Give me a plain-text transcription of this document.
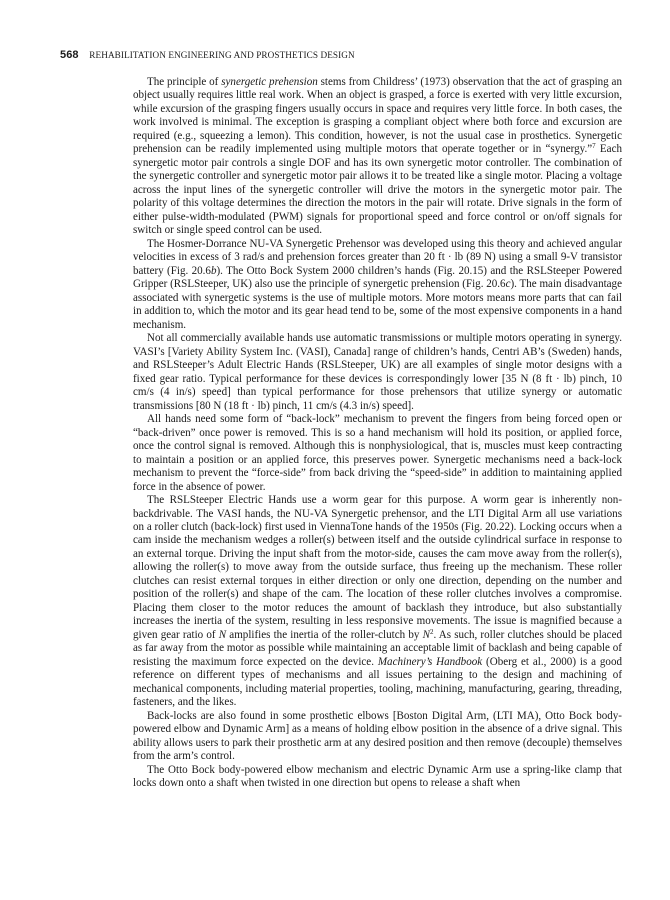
568 REHABILITATION ENGINEERING AND PROSTHETICS DESIGN

The principle of synergetic prehension stems from Childress’ (1973) observation that the act of grasping an object usually requires little real work. When an object is grasped, a force is exerted with very little excursion, while excursion of the grasping fingers usually occurs in space and requires very little force. In both cases, the work involved is minimal. The exception is grasping a compliant object where both force and excursion are required (e.g., squeezing a lemon). This condition, however, is not the usual case in prosthetics. Synergetic prehension can be readily implemented using multiple motors that operate together or in “synergy.”$^7$ Each synergetic motor pair controls a single DOF and has its own synergetic motor controller. The combination of the synergetic controller and synergetic motor pair allows it to be treated like a single motor. Placing a voltage across the input lines of the synergetic controller will drive the motors in the synergetic motor pair. The polarity of this voltage determines the direction the motors in the pair will rotate. Drive signals in the form of either pulse-width-modulated (PWM) signals for proportional speed and force control or on/off signals for switch or single speed control can be used.

The Hosmer-Dorrance NU-VA Synergetic Prehensor was developed using this theory and achieved angular velocities in excess of 3 rad/s and prehension forces greater than 20 ft · lb (89 N) using a small 9-V transistor battery (Fig. 20.6b). The Otto Bock System 2000 children’s hands (Fig. 20.15) and the RSLSteeper Powered Gripper (RSLSteeper, UK) also use the principle of synergetic prehension (Fig. 20.6c). The main disadvantage associated with synergetic systems is the use of multiple motors. More motors means more parts that can fail in addition to, which the motor and its gear head tend to be, some of the most expensive components in a hand mechanism.

Not all commercially available hands use automatic transmissions or multiple motors operating in synergy. VASI’s [Variety Ability System Inc. (VASI), Canada] range of children’s hands, Centri AB’s (Sweden) hands, and RSLSteeper’s Adult Electric Hands (RSLSteeper, UK) are all examples of single motor designs with a fixed gear ratio. Typical performance for these devices is correspondingly lower [35 N (8 ft · lb) pinch, 10 cm/s (4 in/s) speed] than typical performance for those prehensors that utilize synergy or automatic transmissions [80 N (18 ft · lb) pinch, 11 cm/s (4.3 in/s) speed].

All hands need some form of “back-lock” mechanism to prevent the fingers from being forced open or “back-driven” once power is removed. This is so a hand mechanism will hold its position, or applied force, once the control signal is removed. Although this is nonphysiological, that is, muscles must keep contracting to maintain a position or an applied force, this preserves power. Synergetic mechanisms need a back-lock mechanism to prevent the “force-side” from back driving the “speed-side” in addition to maintaining applied force in the absence of power.

The RSLSteeper Electric Hands use a worm gear for this purpose. A worm gear is inherently nonbackdrivable. The VASI hands, the NU-VA Synergetic prehensor, and the LTI Digital Arm all use variations on a roller clutch (back-lock) first used in ViennaTone hands of the 1950s (Fig. 20.22). Locking occurs when a cam inside the mechanism wedges a roller(s) between itself and the outside cylindrical surface in response to an external torque. Driving the input shaft from the motor-side, causes the cam move away from the roller(s), allowing the roller(s) to move away from the outside surface, thus freeing up the mechanism. These roller clutches can resist external torques in either direction or only one direction, depending on the number and position of the roller(s) and shape of the cam. The location of these roller clutches involves a compromise. Placing them closer to the motor reduces the amount of backlash they introduce, but also substantially increases the inertia of the system, resulting in less responsive movements. The issue is magnified because a given gear ratio of N amplifies the inertia of the roller-clutch by $N^2$. As such, roller clutches should be placed as far away from the motor as possible while maintaining an acceptable limit of backlash and being capable of resisting the maximum force expected on the device. Machinery’s Handbook (Oberg et al., 2000) is a good reference on different types of mechanisms and all issues pertaining to the design and machining of mechanical components, including material properties, tooling, machining, manufacturing, gearing, threading, fasteners, and the likes.

Back-locks are also found in some prosthetic elbows [Boston Digital Arm, (LTI MA), Otto Bock body-powered elbow and Dynamic Arm] as a means of holding elbow position in the absence of a drive signal. This ability allows users to park their prosthetic arm at any desired position and then remove (decouple) themselves from the arm’s control.

The Otto Bock body-powered elbow mechanism and electric Dynamic Arm use a spring-like clamp that locks down onto a shaft when twisted in one direction but opens to release a shaft when
